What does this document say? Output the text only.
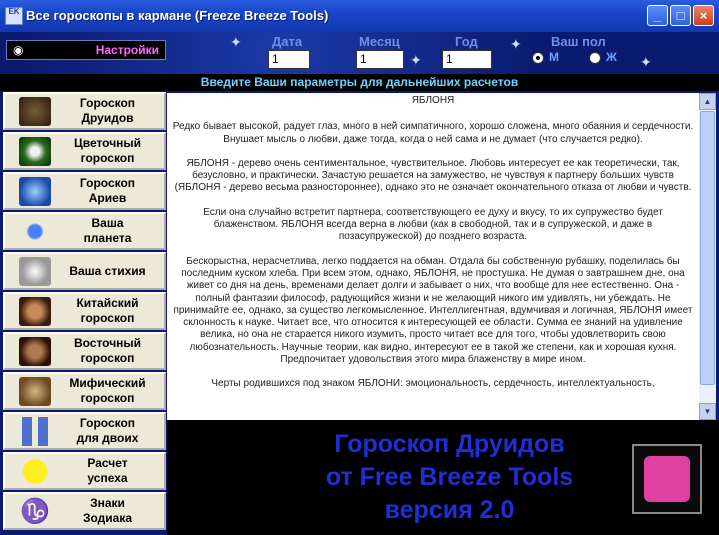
EK Все гороскопы в кармане (Freeze Breeze Tools)	_	□	×
✦
✦
✦
✦
◉	Настройки
Дата
1
Месяц
1
Год
1
Ваш пол
М	Ж
Введите Ваши параметры для дальнейших расчетов
Гороскоп
Друидов
Цветочный
гороскоп
Гороскоп
Ариев
Ваша
планета
Ваша стихия
Китайский
гороскоп
Восточный
гороскоп
Мифический
гороскоп
Гороскоп
для двоих
Расчет
успеха
♑	Знаки
Зодиака

ЯБЛОНЯ

Редко бывает высокой, радует глаз, много в ней симпатичного, хорошо сложена, много обаяния и сердечности. Внушает мысль о любви, даже тогда, когда о ней сама и не думает (что случается редко).

ЯБЛОНЯ - дерево очень сентиментальное, чувствительное. Любовь интересует ее как теоретически, так, безусловно, и практически. Зачастую решается на замужество, не чувствуя к партнеру больших чувств (ЯБЛОНЯ - дерево весьма разностороннее), однако это не означает окончательного отказа от любви и чувств.

Если она случайно встретит партнера, соответствующего ее духу и вкусу, то их супружество будет блаженством. ЯБЛОНЯ всегда верна в любви (как в свободной, так и в супружеской, и даже в позасупружеской) до позднего возраста.

Бескорыстна, нерасчетлива, легко поддается на обман. Отдала бы собственную рубашку, поделилась бы последним куском хлеба. При всем этом, однако, ЯБЛОНЯ, не простушка. Не думая о завтрашнем дне, она живет со дня на день, временами делает долги и забывает о них, что вообще для нее естественно. Она - полный фантазии философ, радующийся жизни и не желающий никого им удивлять, ни убеждать. Не принимайте ее, однако, за существо легкомысленное. Интеллигентная, вдумчивая и логичная, ЯБЛОНЯ имеет склонность к науке. Читает все, что относится к интересующей ее области. Сумма ее знаний на удивление велика, но она не старается никого изумить, просто читает все для того, чтобы удовлетворить свою любознательность. Научные теории, как видно, интересуют ее в такой же степени, как и хорошая кухня. Предпочитает удовольствия этого мира блаженству в мире ином.

Черты родившихся под знаком ЯБЛОНИ: эмоциональность, сердечность, интеллектуальность,

▲
▼
Гороскоп Друидов
от Free Breeze Tools
версия 2.0
